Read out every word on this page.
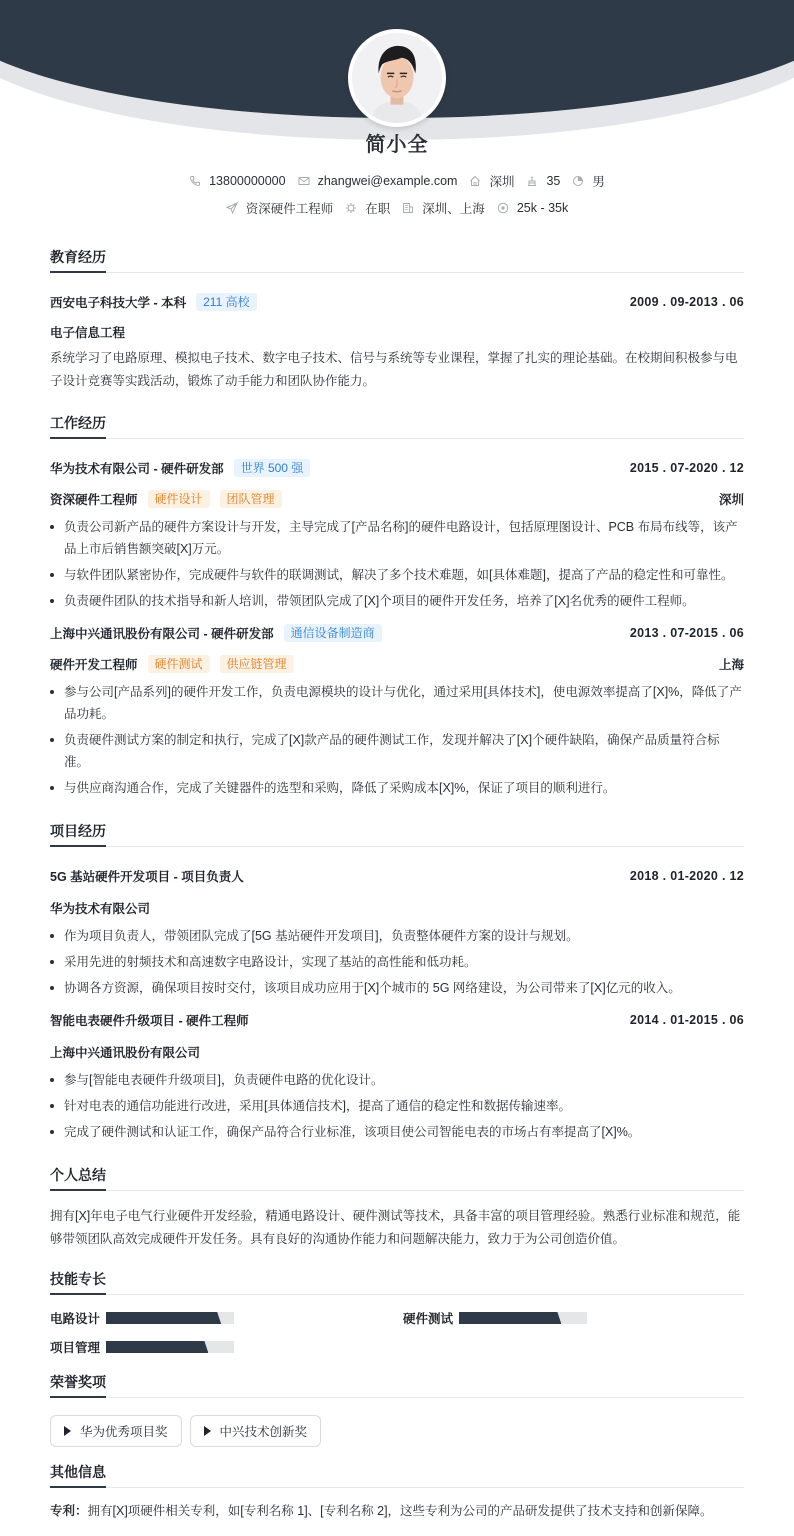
简小全
13800000000	zhangwei@example.com	深圳	35	男
资深硬件工程师	在职	深圳、上海	25k - 35k
教育经历
西安电子科技大学 - 本科	211 高校	2009 . 09-2013 . 06
电子信息工程
系统学习了电路原理、模拟电子技术、数字电子技术、信号与系统等专业课程，掌握了扎实的理论基础。在校期间积极参与电子设计竞赛等实践活动，锻炼了动手能力和团队协作能力。
工作经历
华为技术有限公司 - 硬件研发部	世界 500 强	2015 . 07-2020 . 12
资深硬件工程师	硬件设计	团队管理	深圳
负责公司新产品的硬件方案设计与开发，主导完成了[产品名称]的硬件电路设计，包括原理图设计、PCB 布局布线等，该产品上市后销售额突破[X]万元。
与软件团队紧密协作，完成硬件与软件的联调测试，解决了多个技术难题，如[具体难题]，提高了产品的稳定性和可靠性。
负责硬件团队的技术指导和新人培训，带领团队完成了[X]个项目的硬件开发任务，培养了[X]名优秀的硬件工程师。
上海中兴通讯股份有限公司 - 硬件研发部	通信设备制造商	2013 . 07-2015 . 06
硬件开发工程师	硬件测试	供应链管理	上海
参与公司[产品系列]的硬件开发工作，负责电源模块的设计与优化，通过采用[具体技术]，使电源效率提高了[X]%，降低了产品功耗。
负责硬件测试方案的制定和执行，完成了[X]款产品的硬件测试工作，发现并解决了[X]个硬件缺陷，确保产品质量符合标准。
与供应商沟通合作，完成了关键器件的选型和采购，降低了采购成本[X]%，保证了项目的顺利进行。
项目经历
5G 基站硬件开发项目 - 项目负责人	2018 . 01-2020 . 12
华为技术有限公司
作为项目负责人，带领团队完成了[5G 基站硬件开发项目]，负责整体硬件方案的设计与规划。
采用先进的射频技术和高速数字电路设计，实现了基站的高性能和低功耗。
协调各方资源，确保项目按时交付，该项目成功应用于[X]个城市的 5G 网络建设，为公司带来了[X]亿元的收入。
智能电表硬件升级项目 - 硬件工程师	2014 . 01-2015 . 06
上海中兴通讯股份有限公司
参与[智能电表硬件升级项目]，负责硬件电路的优化设计。
针对电表的通信功能进行改进，采用[具体通信技术]，提高了通信的稳定性和数据传输速率。
完成了硬件测试和认证工作，确保产品符合行业标准，该项目使公司智能电表的市场占有率提高了[X]%。
个人总结
拥有[X]年电子电气行业硬件开发经验，精通电路设计、硬件测试等技术，具备丰富的项目管理经验。熟悉行业标准和规范，能够带领团队高效完成硬件开发任务。具有良好的沟通协作能力和问题解决能力，致力于为公司创造价值。
技能专长
电路设计	硬件测试
项目管理
荣誉奖项
华为优秀项目奖	中兴技术创新奖
其他信息
专利：拥有[X]项硬件相关专利，如[专利名称 1]、[专利名称 2]，这些专利为公司的产品研发提供了技术支持和创新保障。
